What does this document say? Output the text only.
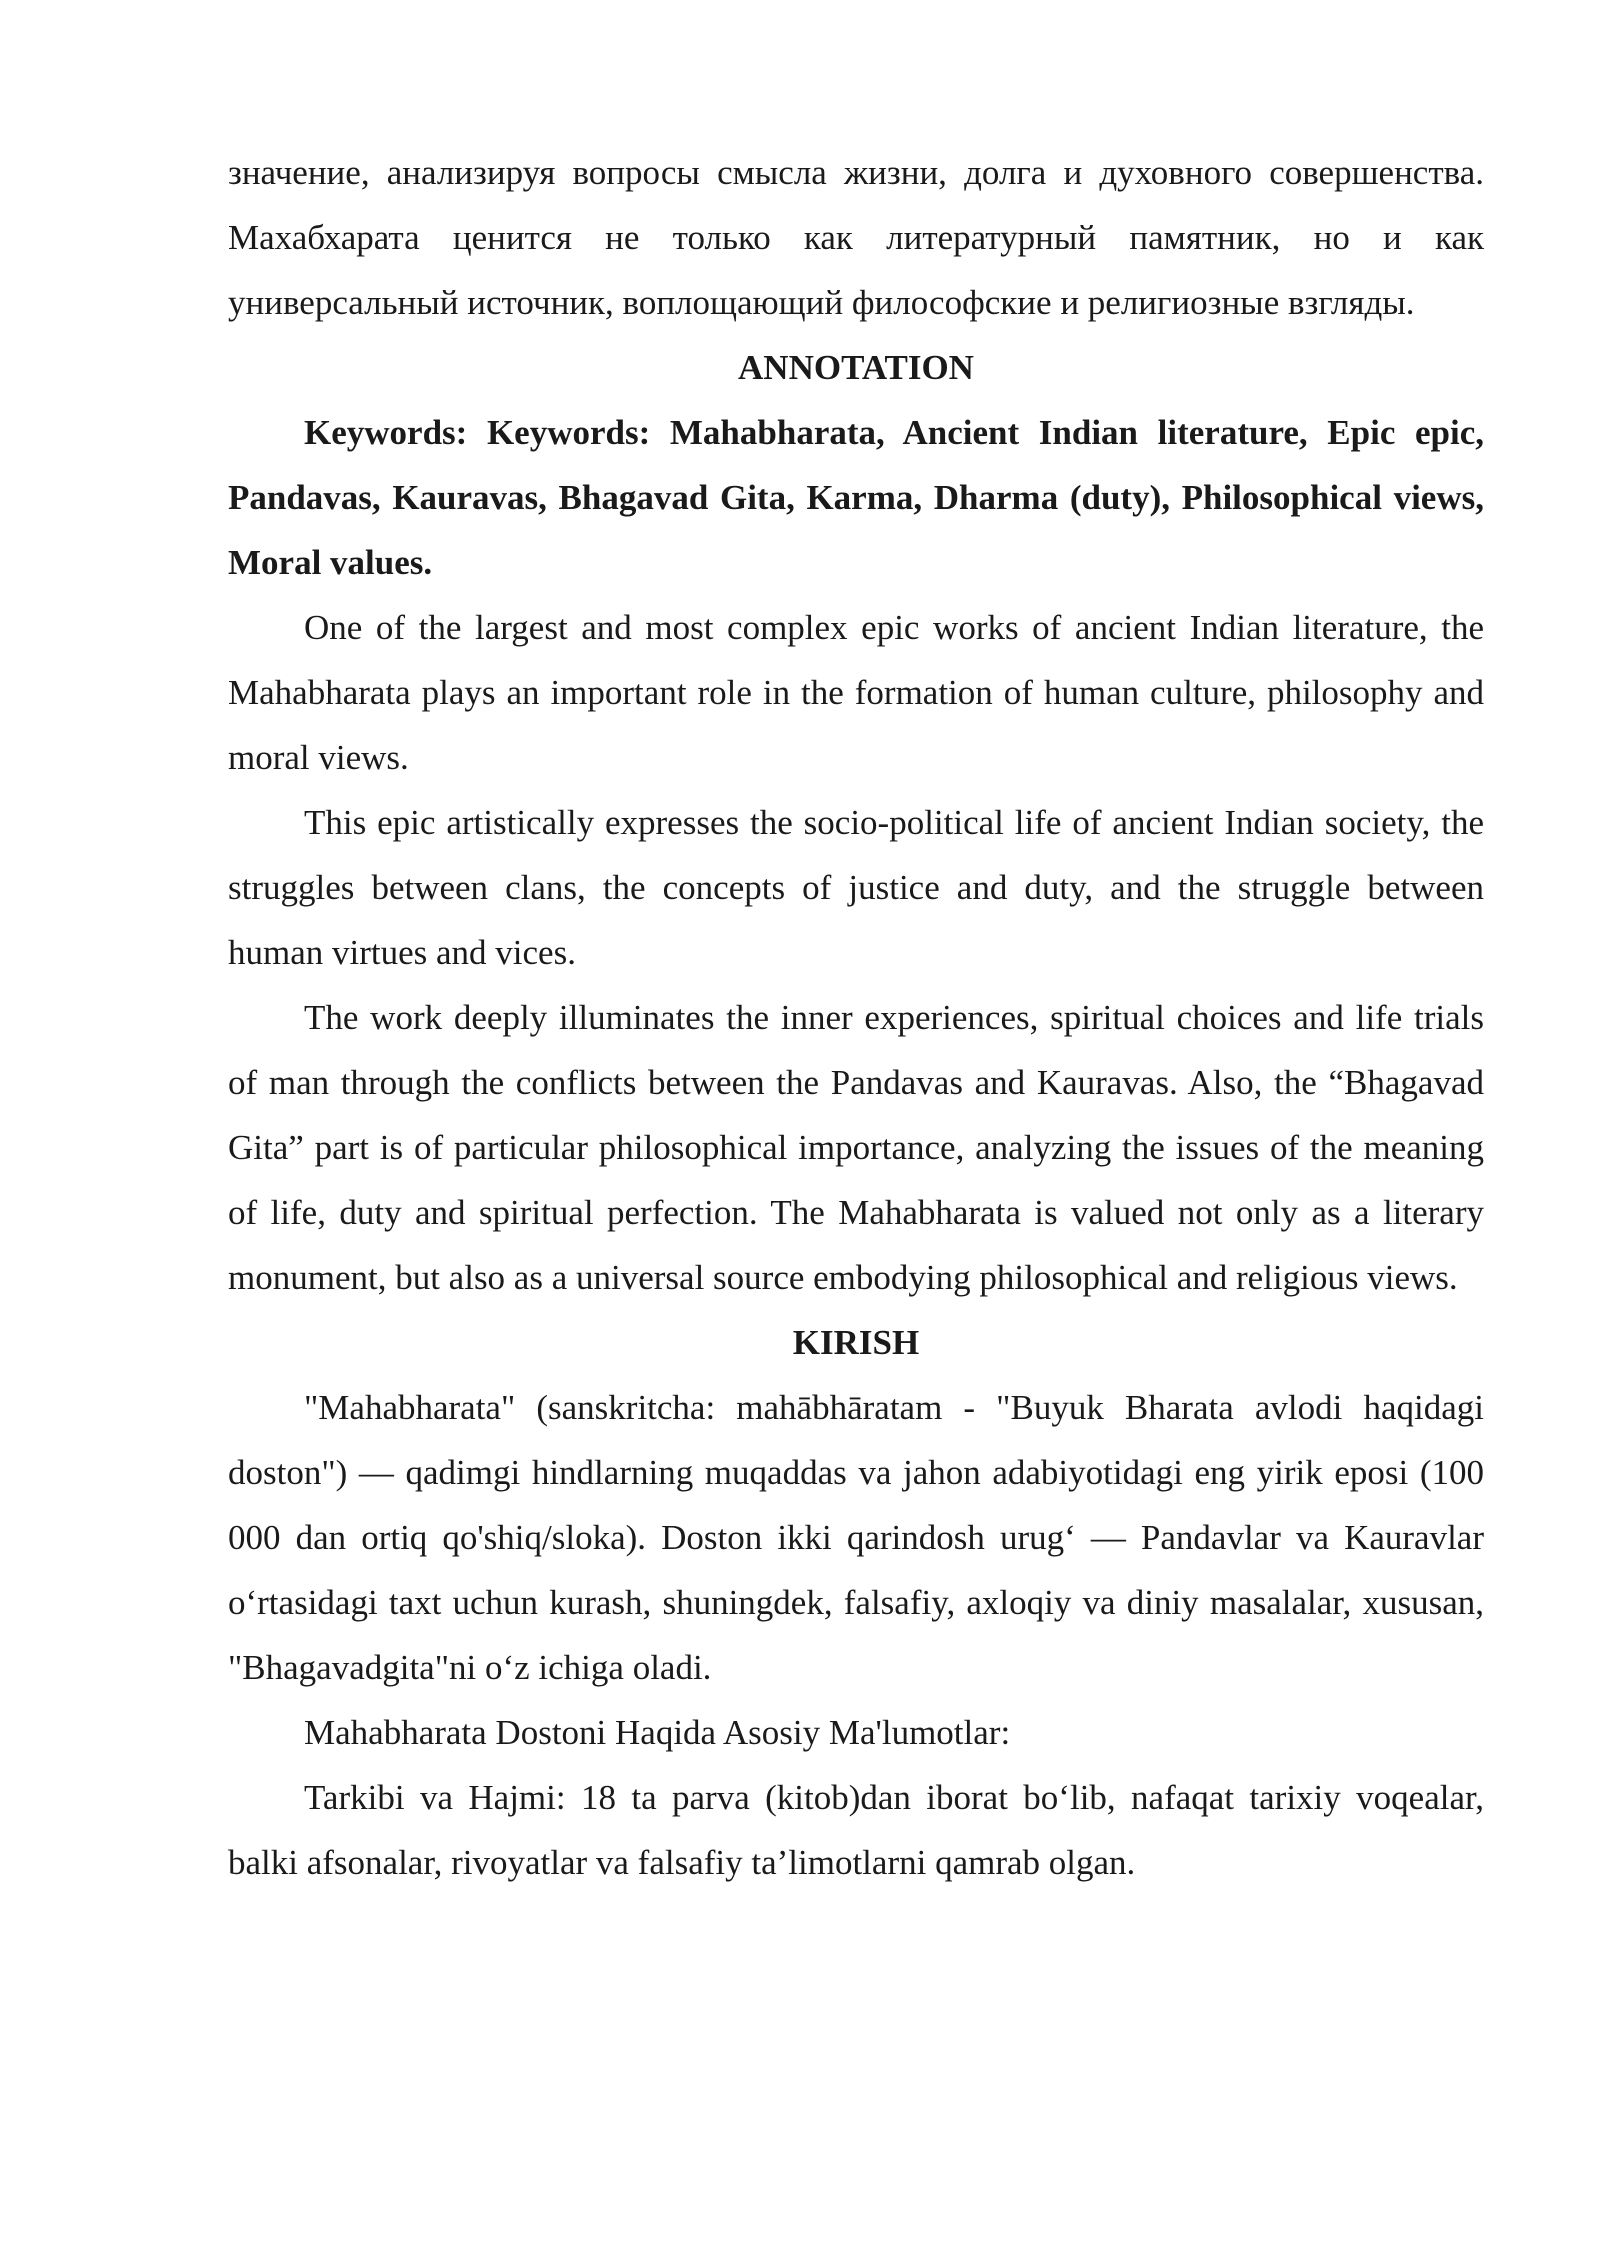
значение, анализируя вопросы смысла жизни, долга и духовного совершенства. Махабхарата ценится не только как литературный памятник, но и как универсальный источник, воплощающий философские и религиозные взгляды.

ANNOTATION

Keywords: Keywords: Mahabharata, Ancient Indian literature, Epic epic, Pandavas, Kauravas, Bhagavad Gita, Karma, Dharma (duty), Philosophical views, Moral values.

One of the largest and most complex epic works of ancient Indian literature, the Mahabharata plays an important role in the formation of human culture, philosophy and moral views.

This epic artistically expresses the socio-political life of ancient Indian society, the struggles between clans, the concepts of justice and duty, and the struggle between human virtues and vices.

The work deeply illuminates the inner experiences, spiritual choices and life trials of man through the conflicts between the Pandavas and Kauravas. Also, the “Bhagavad Gita” part is of particular philosophical importance, analyzing the issues of the meaning of life, duty and spiritual perfection. The Mahabharata is valued not only as a literary monument, but also as a universal source embodying philosophical and religious views.

KIRISH

"Mahabharata" (sanskritcha: mahābhāratam - "Buyuk Bharata avlodi haqidagi doston") — qadimgi hindlarning muqaddas va jahon adabiyotidagi eng yirik eposi (100 000 dan ortiq qo'shiq/sloka). Doston ikki qarindosh urug‘ — Pandavlar va Kauravlar o‘rtasidagi taxt uchun kurash, shuningdek, falsafiy, axloqiy va diniy masalalar, xususan, "Bhagavadgita"ni o‘z ichiga oladi.

Mahabharata Dostoni Haqida Asosiy Ma'lumotlar:

Tarkibi va Hajmi: 18 ta parva (kitob)dan iborat bo‘lib, nafaqat tarixiy voqealar, balki afsonalar, rivoyatlar va falsafiy ta’limotlarni qamrab olgan.
